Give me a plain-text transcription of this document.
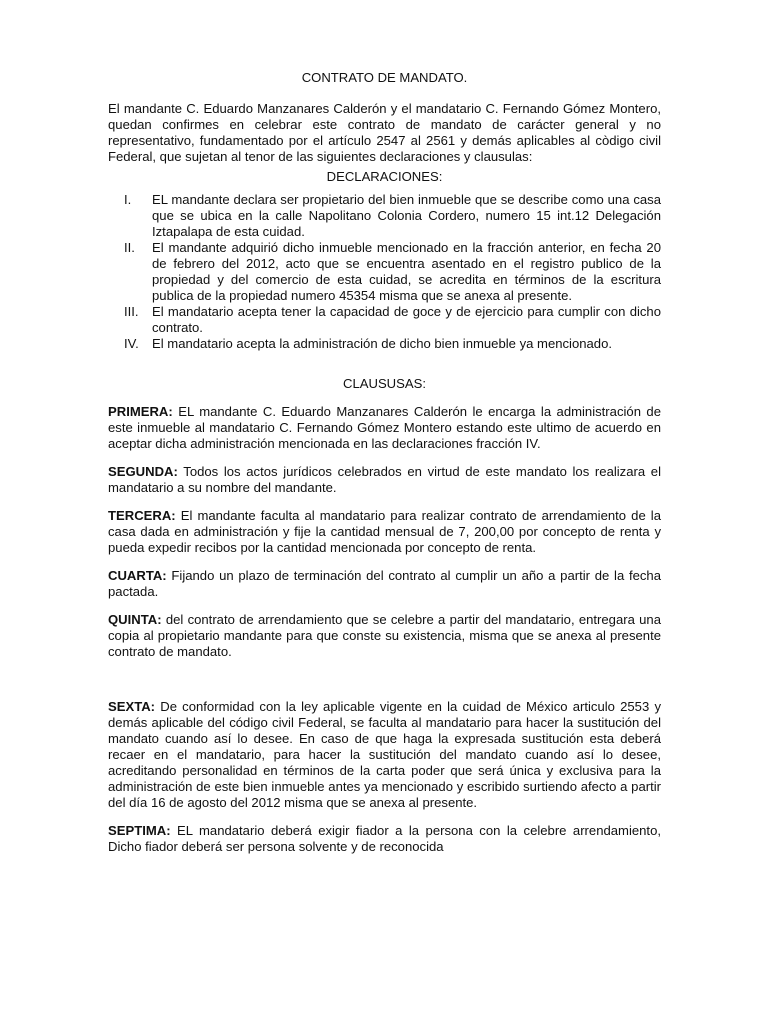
CONTRATO DE MANDATO.

El mandante C. Eduardo Manzanares Calderón y el mandatario C. Fernando Gómez Montero, quedan confirmes en celebrar este contrato de mandato de carácter general y no representativo, fundamentado por el artículo 2547 al 2561 y demás aplicables al còdigo civil Federal, que sujetan al tenor de las siguientes declaraciones y clausulas:

DECLARACIONES:

I.	EL mandante declara ser propietario del bien inmueble que se describe como una casa que se ubica en la calle Napolitano Colonia Cordero, numero 15 int.12 Delegación Iztapalapa de esta cuidad.
II.	El mandante adquirió dicho inmueble mencionado en la fracción anterior, en fecha 20 de febrero del 2012, acto que se encuentra asentado en el registro publico de la propiedad y del comercio de esta cuidad, se acredita en términos de la escritura publica de la propiedad numero 45354 misma que se anexa al presente.
III.	El mandatario acepta tener la capacidad de goce y de ejercicio para cumplir con dicho contrato.
IV.	El mandatario acepta la administración de dicho bien inmueble ya mencionado.

CLAUSUSAS:

PRIMERA: EL mandante C. Eduardo Manzanares Calderón le encarga la administración de este inmueble al mandatario C. Fernando Gómez Montero estando este ultimo de acuerdo en aceptar dicha administración mencionada en las declaraciones fracción IV.

SEGUNDA: Todos los actos jurídicos celebrados en virtud de este mandato los realizara el mandatario a su nombre del mandante.

TERCERA: El mandante faculta al mandatario para realizar contrato de arrendamiento de la casa dada en administración y fije la cantidad mensual de 7, 200,00 por concepto de renta y pueda expedir recibos por la cantidad mencionada por concepto de renta.

CUARTA: Fijando un plazo de terminación del contrato al cumplir un año a partir de la fecha pactada.

QUINTA: del contrato de arrendamiento que se celebre a partir del mandatario, entregara una copia al propietario mandante para que conste su existencia, misma que se anexa al presente contrato de mandato.

SEXTA: De conformidad con la ley aplicable vigente en la cuidad de México articulo 2553 y demás aplicable del código civil Federal, se faculta al mandatario para hacer la sustitución del mandato cuando así lo desee. En caso de que haga la expresada sustitución esta deberá recaer en el mandatario, para hacer la sustitución del mandato cuando así lo desee, acreditando personalidad en términos de la carta poder que será única y exclusiva para la administración de este bien inmueble antes ya mencionado y escribido surtiendo afecto a partir del día 16 de agosto del 2012 misma que se anexa al presente.

SEPTIMA: EL mandatario deberá exigir fiador a la persona con la celebre arrendamiento, Dicho fiador deberá ser persona solvente y de reconocida
